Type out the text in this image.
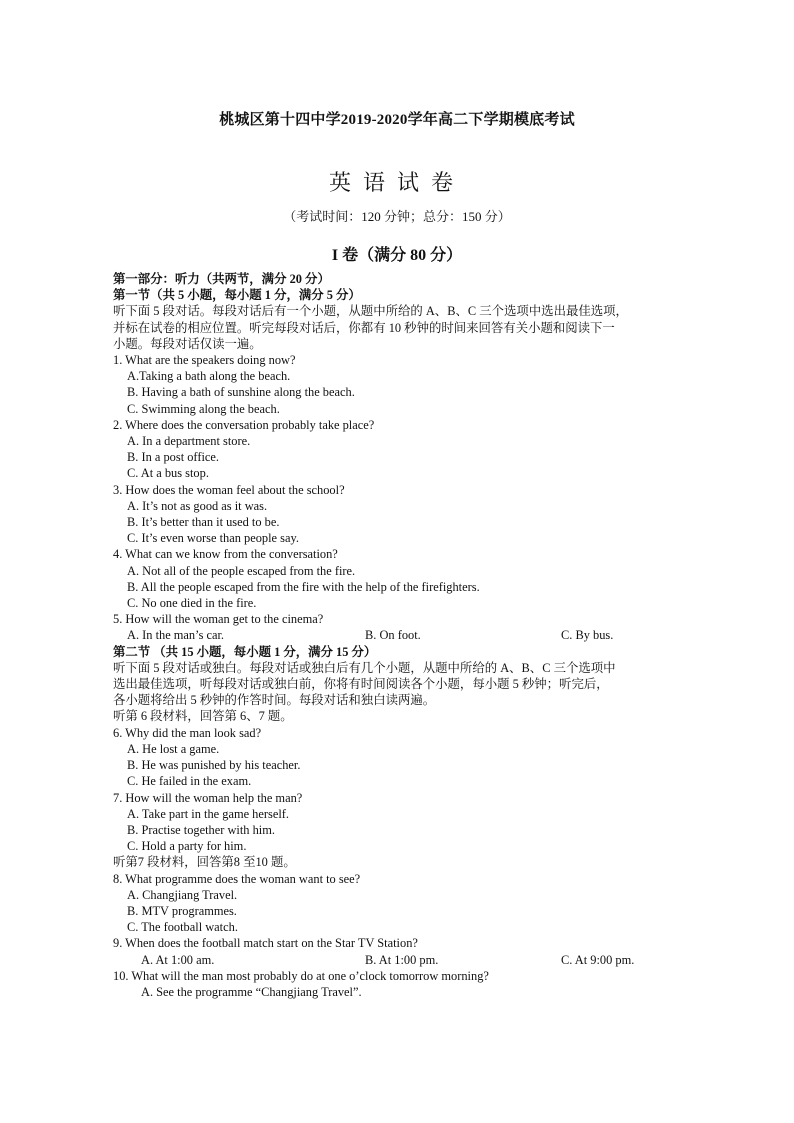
桃城区第十四中学2019-2020学年高二下学期模底考试
英语试卷
（考试时间：120 分钟；总分：150 分）
I 卷（满分 80 分）
第一部分：听力（共两节，满分 20 分）
第一节（共 5 小题，每小题 1 分，满分 5 分）
听下面 5 段对话。每段对话后有一个小题，从题中所给的 A、B、C 三个选项中选出最佳选项，
并标在试卷的相应位置。听完每段对话后，你都有 10 秒钟的时间来回答有关小题和阅读下一
小题。每段对话仅读一遍。
1. What are the speakers doing now?
A.Taking a bath along the beach.
B. Having a bath of sunshine along the beach.
C. Swimming along the beach.
2. Where does the conversation probably take place?
A. In a department store.
B. In a post office.
C. At a bus stop.
3. How does the woman feel about the school?
A. It’s not as good as it was.
B. It’s better than it used to be.
C. It’s even worse than people say.
4. What can we know from the conversation?
A. Not all of the people escaped from the fire.
B. All the people escaped from the fire with the help of the firefighters.
C. No one died in the fire.
5. How will the woman get to the cinema?
A. In the man’s car.	B. On foot.	C. By bus.
第二节 （共 15 小题，每小题 1 分，满分 15 分）
听下面 5 段对话或独白。每段对话或独白后有几个小题，从题中所给的 A、B、C 三个选项中
选出最佳选项，听每段对话或独白前，你将有时间阅读各个小题，每小题 5 秒钟；听完后，
各小题将给出 5 秒钟的作答时间。每段对话和独白读两遍。
听第 6 段材料，回答第 6、7 题。
6. Why did the man look sad?
A. He lost a game.
B. He was punished by his teacher.
C. He failed in the exam.
7. How will the woman help the man?
A. Take part in the game herself.
B. Practise together with him.
C. Hold a party for him.
听第7 段材料，回答第8 至10 题。
8. What programme does the woman want to see?
A. Changjiang Travel.
B. MTV programmes.
C. The football watch.
9. When does the football match start on the Star TV Station?
A. At 1:00 am.	B. At 1:00 pm.	C. At 9:00 pm.
10. What will the man most probably do at one o’clock tomorrow morning?
A. See the programme “Changjiang Travel”.
